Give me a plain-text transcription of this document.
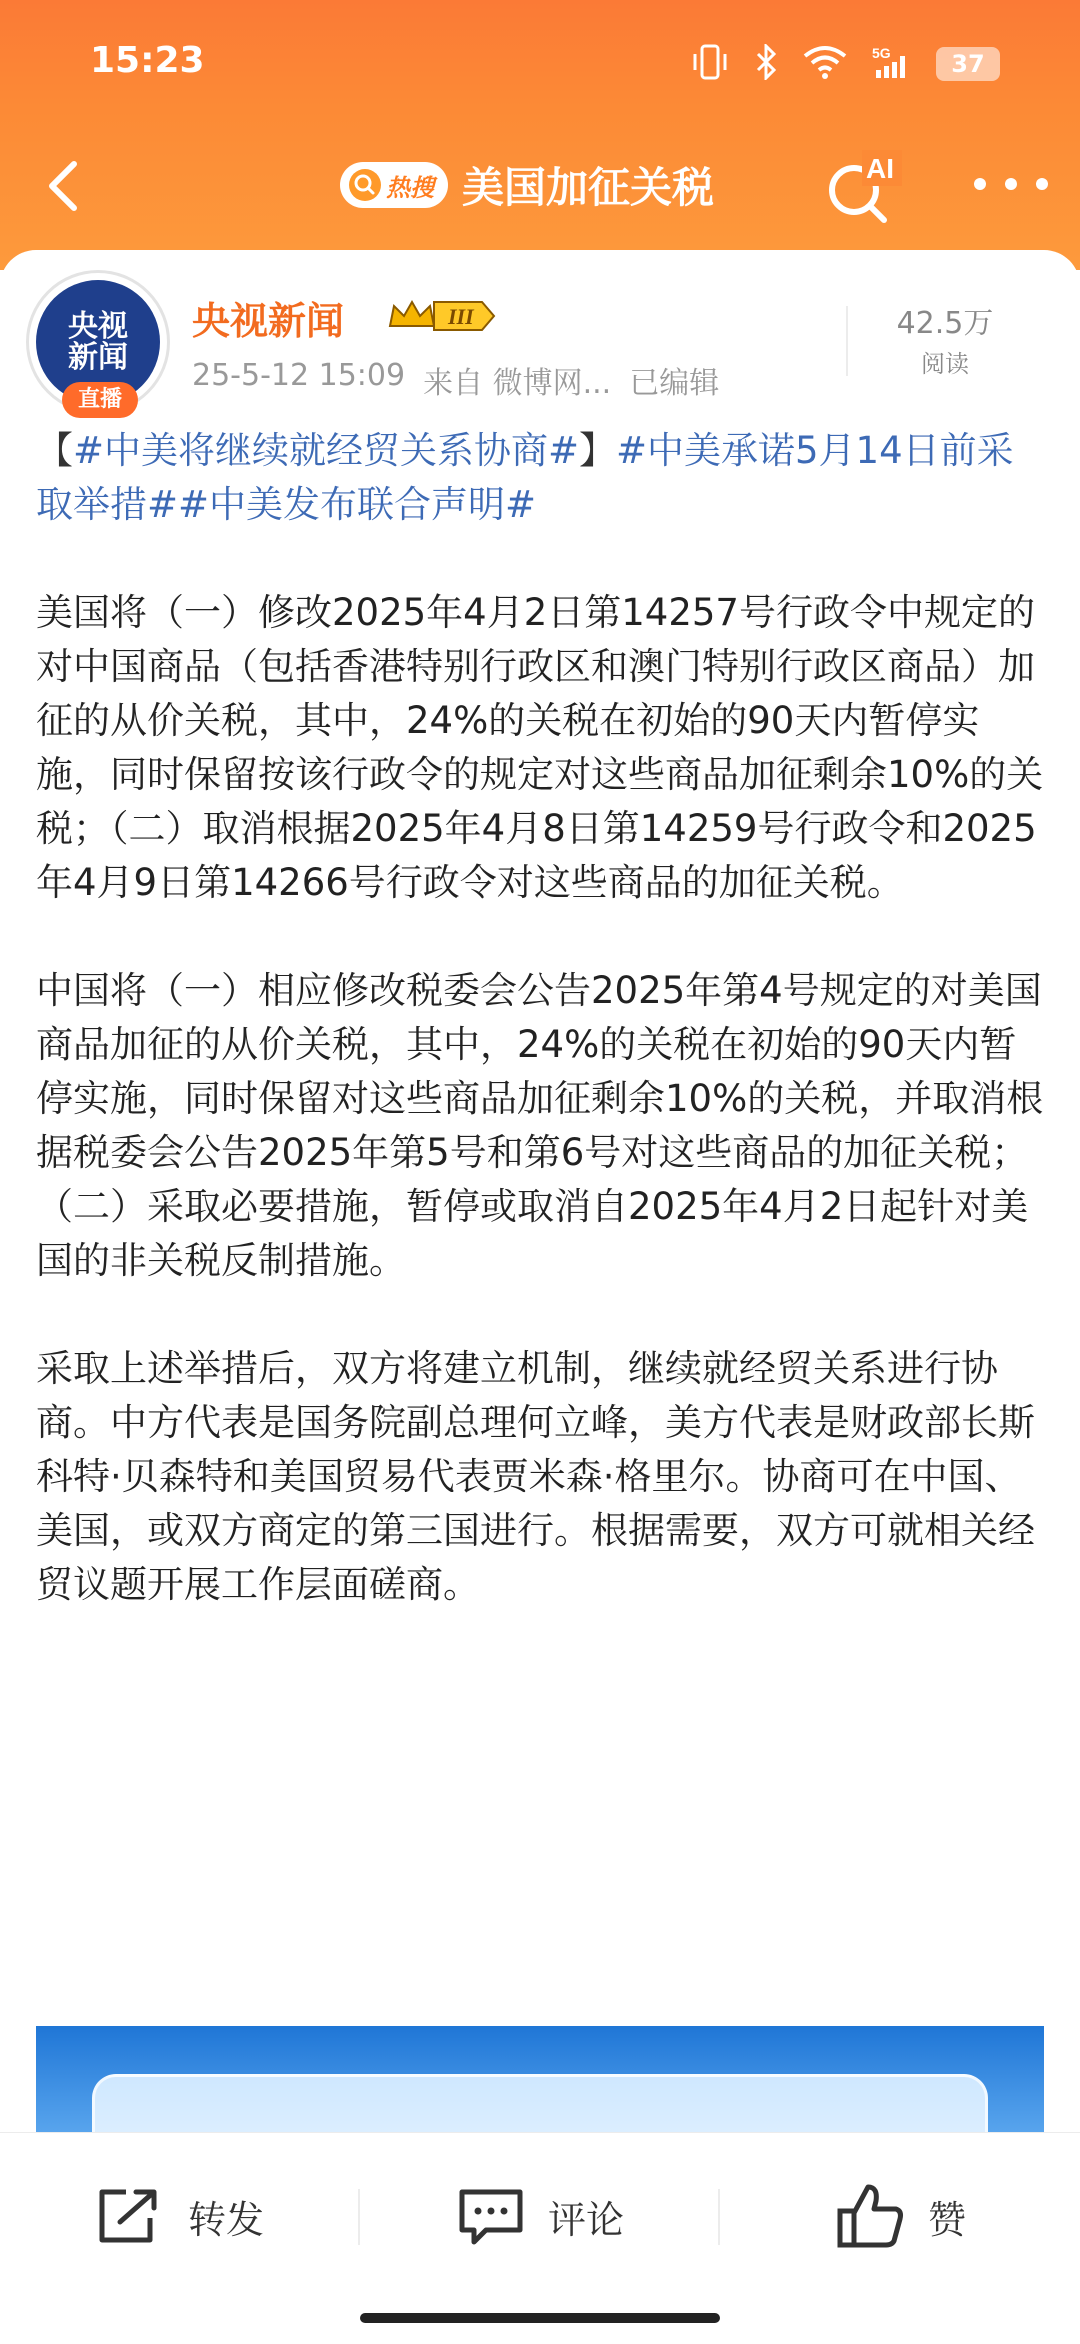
15:23	5G	37
热搜 美国加征关税	AI
央视
新闻
直播
央视新闻	III
25-5-12 15:09 来自 微博网... 已编辑
42.5万
阅读
【#中美将继续就经贸关系协商#】#中美承诺5月14日前采取举措##中美发布联合声明#
美国将（一）修改2025年4月2日第14257号行政令中规定的对中国商品（包括香港特别行政区和澳门特别行政区商品）加征的从价关税，其中，24%的关税在初始的90天内暂停实施，同时保留按该行政令的规定对这些商品加征剩余10%的关税；（二）取消根据2025年4月8日第14259号行政令和2025年4月9日第14266号行政令对这些商品的加征关税。
中国将（一）相应修改税委会公告2025年第4号规定的对美国商品加征的从价关税，其中，24%的关税在初始的90天内暂停实施，同时保留对这些商品加征剩余10%的关税，并取消根据税委会公告2025年第5号和第6号对这些商品的加征关税；（二）采取必要措施，暂停或取消自2025年4月2日起针对美国的非关税反制措施。
采取上述举措后，双方将建立机制，继续就经贸关系进行协商。中方代表是国务院副总理何立峰，美方代表是财政部长斯科特·贝森特和美国贸易代表贾米森·格里尔。协商可在中国、美国，或双方商定的第三国进行。根据需要，双方可就相关经贸议题开展工作层面磋商。
转发	评论	赞
